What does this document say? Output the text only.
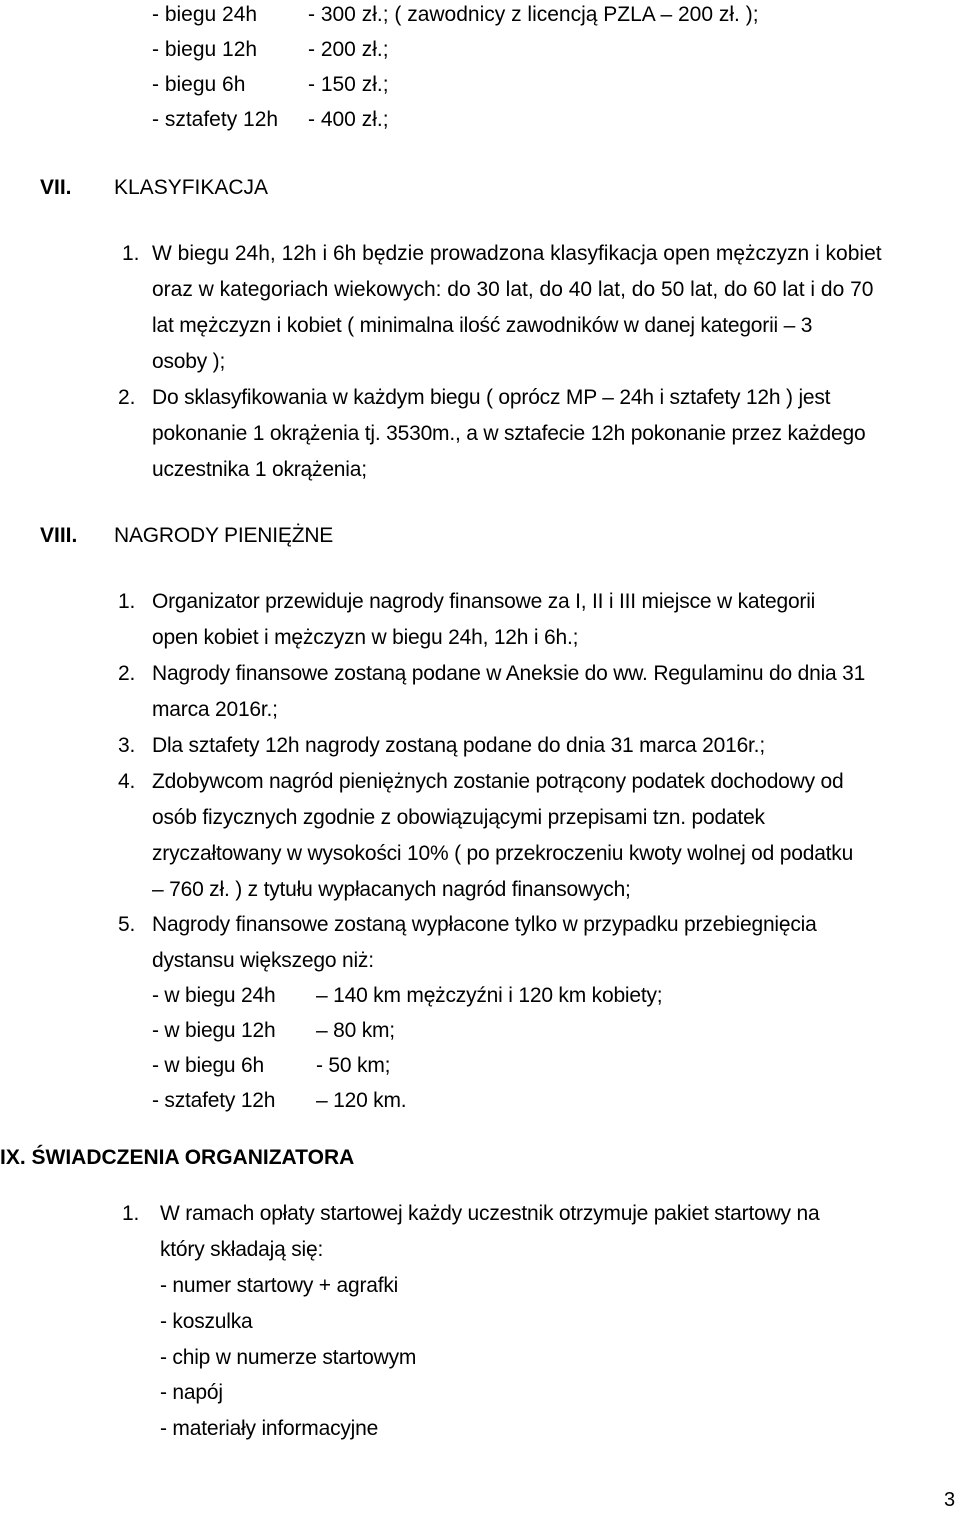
- biegu 24h - 300 zł.; ( zawodnicy z licencją PZLA – 200 zł. );
- biegu 12h - 200 zł.;
- biegu 6h	- 150 zł.;
- sztafety 12h - 400 zł.;
VII. KLASYFIKACJA
1. W biegu 24h, 12h i 6h będzie prowadzona klasyfikacja open mężczyzn i kobiet
oraz w kategoriach wiekowych: do 30 lat, do 40 lat, do 50 lat, do 60 lat i do 70
lat mężczyzn i kobiet ( minimalna ilość zawodników w danej kategorii – 3
osoby );
2. Do sklasyfikowania w każdym biegu ( oprócz MP – 24h i sztafety 12h ) jest
pokonanie 1 okrążenia tj. 3530m., a w sztafecie 12h pokonanie przez każdego
uczestnika 1 okrążenia;
VIII. NAGRODY PIENIĘŻNE
1. Organizator przewiduje nagrody finansowe za I, II i III miejsce w kategorii
open kobiet i mężczyzn w biegu 24h, 12h i 6h.;
2. Nagrody finansowe zostaną podane w Aneksie do ww. Regulaminu do dnia 31
marca 2016r.;
3. Dla sztafety 12h nagrody zostaną podane do dnia 31 marca 2016r.;
4. Zdobywcom nagród pieniężnych zostanie potrącony podatek dochodowy od
osób fizycznych zgodnie z obowiązującymi przepisami tzn. podatek
zryczałtowany w wysokości 10% ( po przekroczeniu kwoty wolnej od podatku
– 760 zł. ) z tytułu wypłacanych nagród finansowych;
5. Nagrody finansowe zostaną wypłacone tylko w przypadku przebiegnięcia
dystansu większego niż:
- w biegu 24h – 140 km mężczyźni i 120 km kobiety;
- w biegu 12h – 80 km;
- w biegu 6h - 50 km;
- sztafety 12h – 120 km.
IX. ŚWIADCZENIA ORGANIZATORA
1. W ramach opłaty startowej każdy uczestnik otrzymuje pakiet startowy na
który składają się:
- numer startowy + agrafki
- koszulka
- chip w numerze startowym
- napój
- materiały informacyjne
3
